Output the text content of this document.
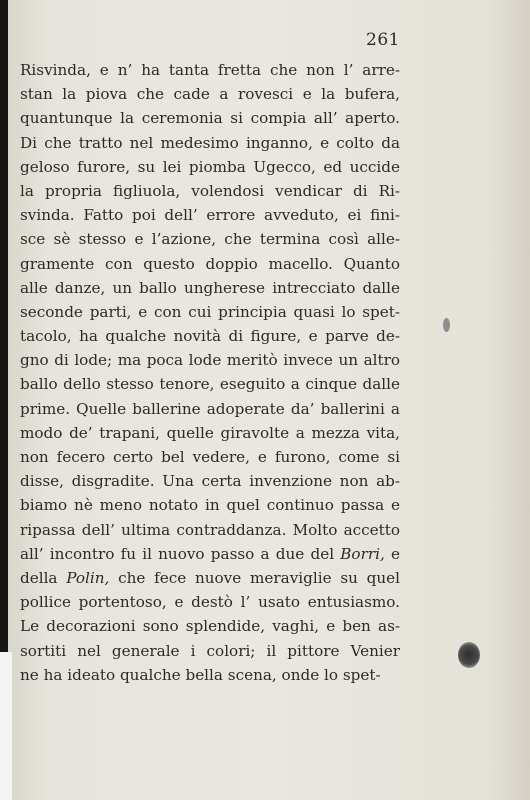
261
Risvinda, e n’ ha tanta fretta che non l’ arre-
stan la piova che cade a rovesci e la bufera,
quantunque la ceremonia si compia all’ aperto.
Di che tratto nel medesimo inganno, e colto da
geloso furore, su lei piomba Ugecco, ed uccide
la propria figliuola, volendosi vendicar di Ri-
svinda. Fatto poi dell’ errore avveduto, ei fini-
sce sè stesso e l’azione, che termina così alle-
gramente con questo doppio macello. Quanto
alle danze, un ballo ungherese intrecciato dalle
seconde parti, e con cui principia quasi lo spet-
tacolo, ha qualche novità di figure, e parve de-
gno di lode; ma poca lode meritò invece un altro
ballo dello stesso tenore, eseguito a cinque dalle
prime. Quelle ballerine adoperate da’ ballerini a
modo de’ trapani, quelle giravolte a mezza vita,
non fecero certo bel vedere, e furono, come si
disse, disgradite. Una certa invenzione non ab-
biamo nè meno notato in quel continuo passa e
ripassa dell’ ultima contraddanza. Molto accetto
all’ incontro fu il nuovo passo a due del Borri, e
della Polin, che fece nuove meraviglie su quel
pollice portentoso, e destò l’ usato entusiasmo.
Le decorazioni sono splendide, vaghi, e ben as-
sortiti nel generale i colori; il pittore Venier
ne ha ideato qualche bella scena, onde lo spet-
